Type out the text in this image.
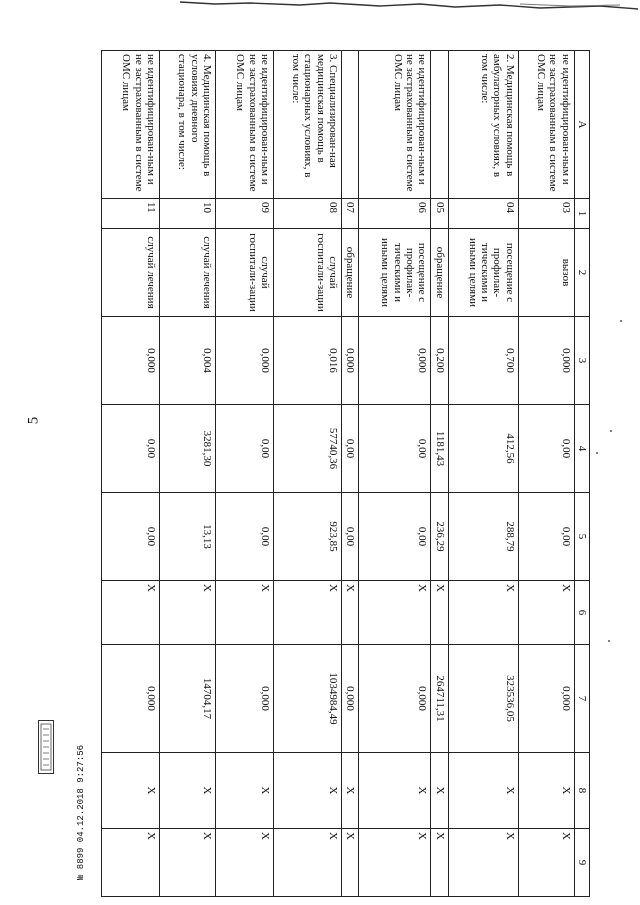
5
А	1	2	3	4	5	6	7	8	9
не идентифицирован-ным и не застрахованным в системе ОМС лицам	03	вызов	0,000	0,00	0,00	X	0,000	X	X
2. Медицинская помощь в амбулаторных условиях, в том числе:	04	посещение с профилак-тическими и иными целями	0,700	412,56	288,79	X	323536,05	X	X
	05	обращение	0,200	1181,43	236,29	X	264711,31	X	X
не идентифицирован-ным и не застрахованным в системе ОМС лицам	06	посещение с профилак-тическими и иными целями	0,000	0,00	0,00	X	0,000	X	X
	07	обращение	0,000	0,00	0,00	X	0,000	X	X
3. Специализирован-ная медицинская помощь в стационарных условиях, в том числе:	08	случай госпитали-зации	0,016	57740,36	923,85	X	1034984,49	X	X
не идентифицирован-ным и не застрахованным в системе ОМС лицам	09	случай госпитали-зации	0,000	0,00	0,00	X	0,000	X	X
4. Медицинская помощь в условиях дневного стационара, в том числе:	10	случай лечения	0,004	3281,30	13,13	X	14704,17	X	X
не идентифицирован-ным и не застрахованным в системе ОМС лицам	11	случай лечения	0,000	0,00	0,00	X	0,000	X	X
№ 8899 04.12.2018 9:27:56
